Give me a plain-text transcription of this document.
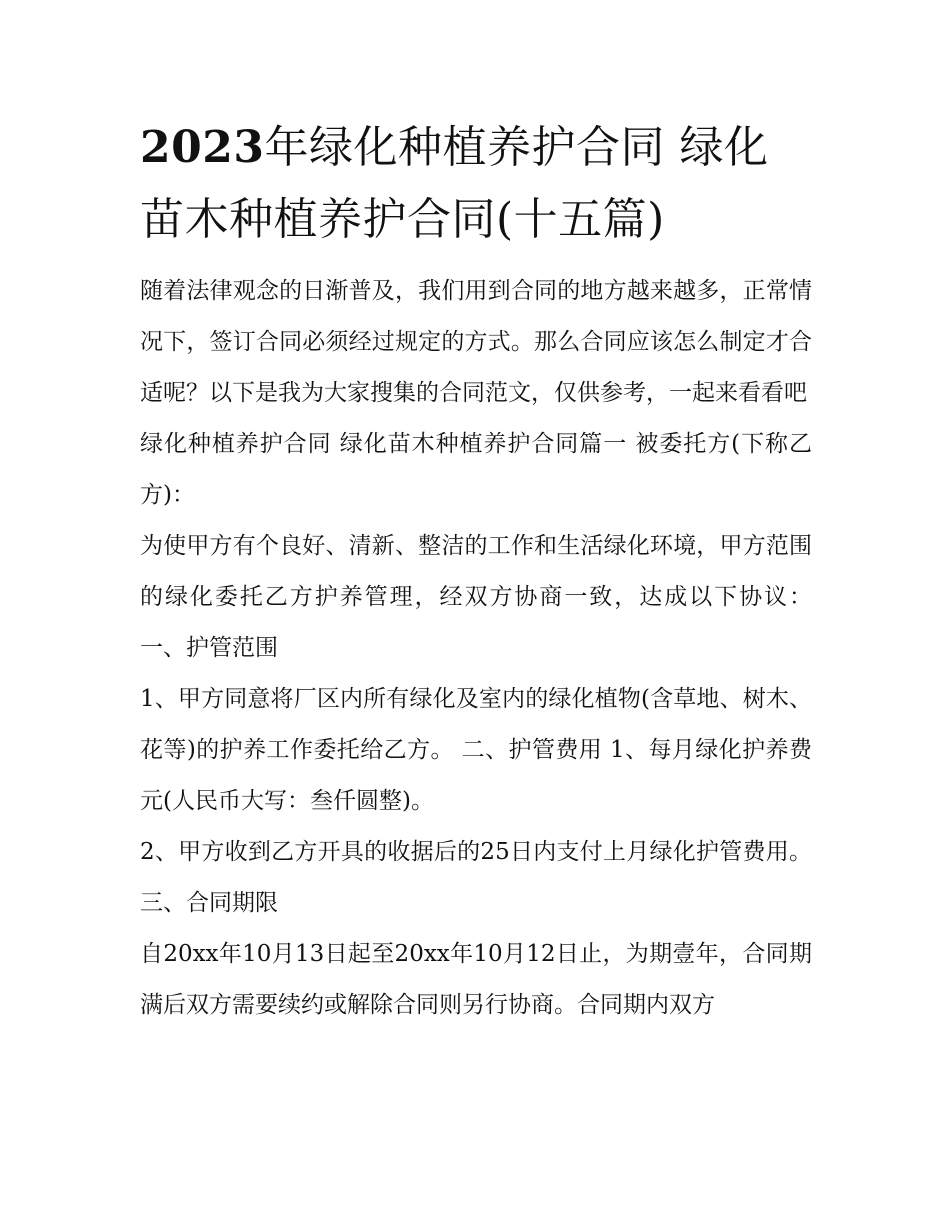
2023年绿化种植养护合同 绿化苗木种植养护合同(十五篇)

随着法律观念的日渐普及，我们用到合同的地方越来越多，正常情况下，签订合同必须经过规定的方式。那么合同应该怎么制定才合适呢？以下是我为大家搜集的合同范文，仅供参考，一起来看看吧

绿化种植养护合同 绿化苗木种植养护合同篇一 被委托方(下称乙方)：

为使甲方有个良好、清新、整洁的工作和生活绿化环境，甲方范围的绿化委托乙方护养管理，经双方协商一致，达成以下协议： 一、护管范围

1、甲方同意将厂区内所有绿化及室内的绿化植物(含草地、树木、花等)的护养工作委托给乙方。 二、护管费用 1、每月绿化护养费元(人民币大写：叁仟圆整)。

2、甲方收到乙方开具的收据后的25日内支付上月绿化护管费用。 三、合同期限

自20xx年10月13日起至20xx年10月12日止，为期壹年，合同期满后双方需要续约或解除合同则另行协商。合同期内双方
